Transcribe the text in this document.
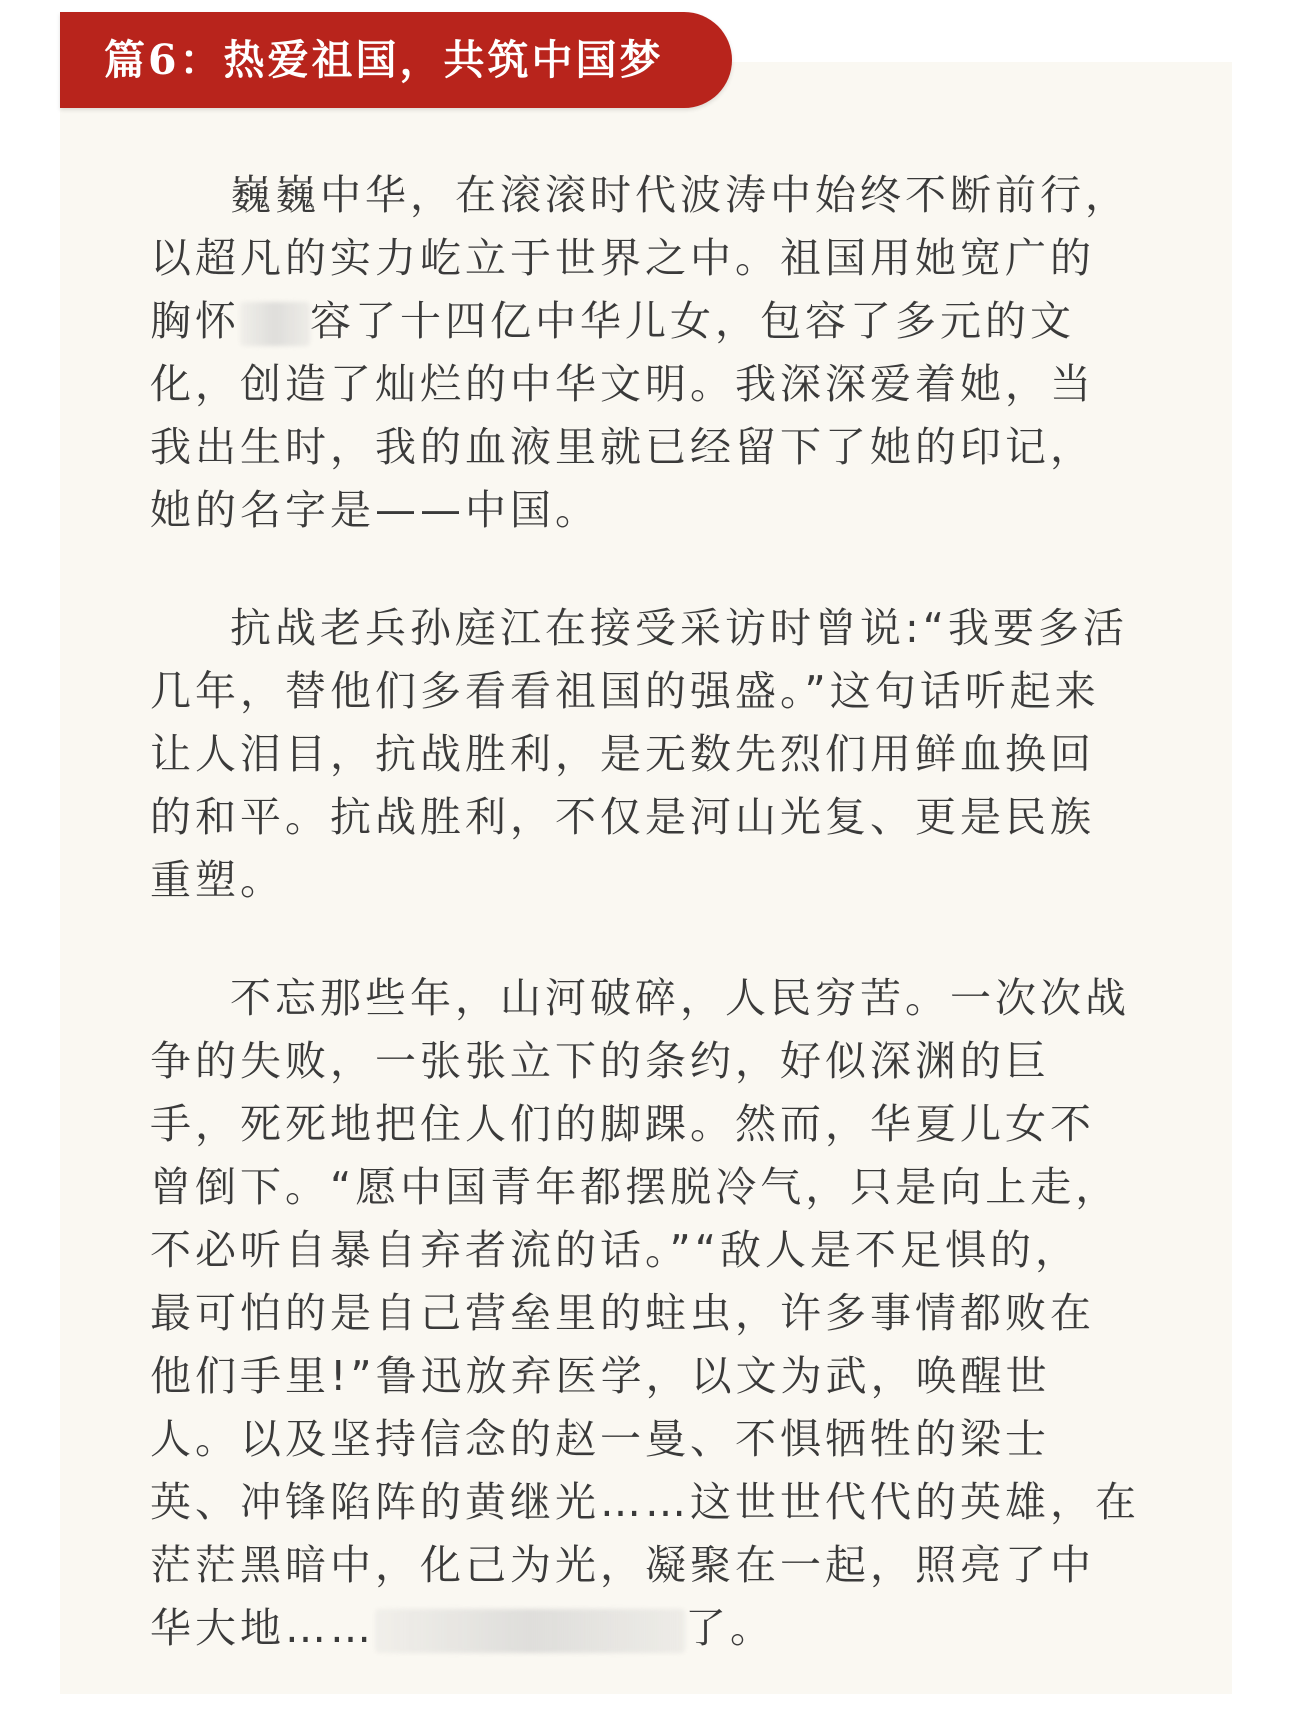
篇6：热爱祖国，共筑中国梦
巍巍中华，在滚滚时代波涛中始终不断前行，
以超凡的实力屹立于世界之中。祖国用她宽广的
胸怀 容了十四亿中华儿女，包容了多元的文
化，创造了灿烂的中华文明。我深深爱着她，当
我出生时，我的血液里就已经留下了她的印记，
她的名字是——中国。
抗战老兵孙庭江在接受采访时曾说:“我要多活
几年，替他们多看看祖国的强盛。”这句话听起来
让人泪目，抗战胜利，是无数先烈们用鲜血换回
的和平。抗战胜利，不仅是河山光复、更是民族
重塑。
不忘那些年，山河破碎，人民穷苦。一次次战
争的失败，一张张立下的条约，好似深渊的巨
手，死死地把住人们的脚踝。然而，华夏儿女不
曾倒下。“愿中国青年都摆脱冷气，只是向上走，
不必听自暴自弃者流的话。”“敌人是不足惧的，
最可怕的是自己营垒里的蛀虫，许多事情都败在
他们手里!”鲁迅放弃医学，以文为武，唤醒世
人。以及坚持信念的赵一曼、不惧牺牲的梁士
英、冲锋陷阵的黄继光……这世世代代的英雄，在
茫茫黑暗中，化己为光，凝聚在一起，照亮了中
华大地……	了。
